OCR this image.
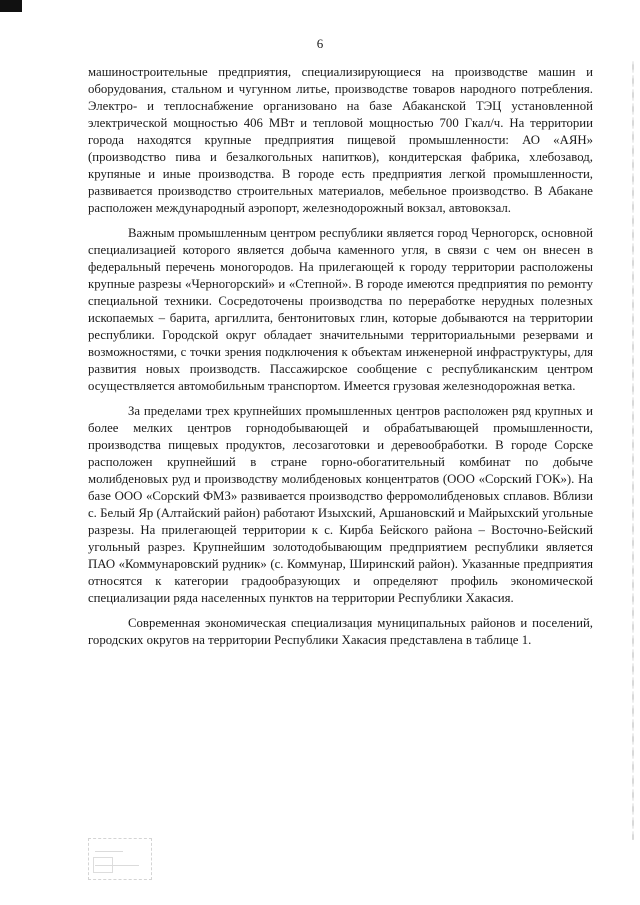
6

машиностроительные предприятия, специализирующиеся на производстве машин и оборудования, стальном и чугунном литье, производстве товаров народного потребления. Электро- и теплоснабжение организовано на базе Абаканской ТЭЦ установленной электрической мощностью 406 МВт и тепловой мощностью 700 Гкал/ч. На территории города находятся крупные предприятия пищевой промышленности: АО «АЯН» (производство пива и безалкогольных напитков), кондитерская фабрика, хлебозавод, крупяные и иные производства. В городе есть предприятия легкой промышленности, развивается производство строительных материалов, мебельное производство. В Абакане расположен международный аэропорт, железнодорожный вокзал, автовокзал.

Важным промышленным центром республики является город Черногорск, основной специализацией которого является добыча каменного угля, в связи с чем он внесен в федеральный перечень моногородов. На прилегающей к городу территории расположены крупные разрезы «Черногорский» и «Степной». В городе имеются предприятия по ремонту специальной техники. Сосредоточены производства по переработке нерудных полезных ископаемых – барита, аргиллита, бентонитовых глин, которые добываются на территории республики. Городской округ обладает значительными территориальными резервами и возможностями, с точки зрения подключения к объектам инженерной инфраструктуры, для развития новых производств. Пассажирское сообщение с республиканским центром осуществляется автомобильным транспортом. Имеется грузовая железнодорожная ветка.

За пределами трех крупнейших промышленных центров расположен ряд крупных и более мелких центров горнодобывающей и обрабатывающей промышленности, производства пищевых продуктов, лесозаготовки и деревообработки. В городе Сорске расположен крупнейший в стране горно-обогатительный комбинат по добыче молибденовых руд и производству молибденовых концентратов (ООО «Сорский ГОК»). На базе ООО «Сорский ФМЗ» развивается производство ферромолибденовых сплавов. Вблизи с. Белый Яр (Алтайский район) работают Изыхский, Аршановский и Майрыхский угольные разрезы. На прилегающей территории к с. Кирба Бейского района – Восточно-Бейский угольный разрез. Крупнейшим золотодобывающим предприятием республики является ПАО «Коммунаровский рудник» (с. Коммунар, Ширинский район). Указанные предприятия относятся к категории градообразующих и определяют профиль экономической специализации ряда населенных пунктов на территории Республики Хакасия.

Современная экономическая специализация муниципальных районов и поселений, городских округов на территории Республики Хакасия представлена в таблице 1.
